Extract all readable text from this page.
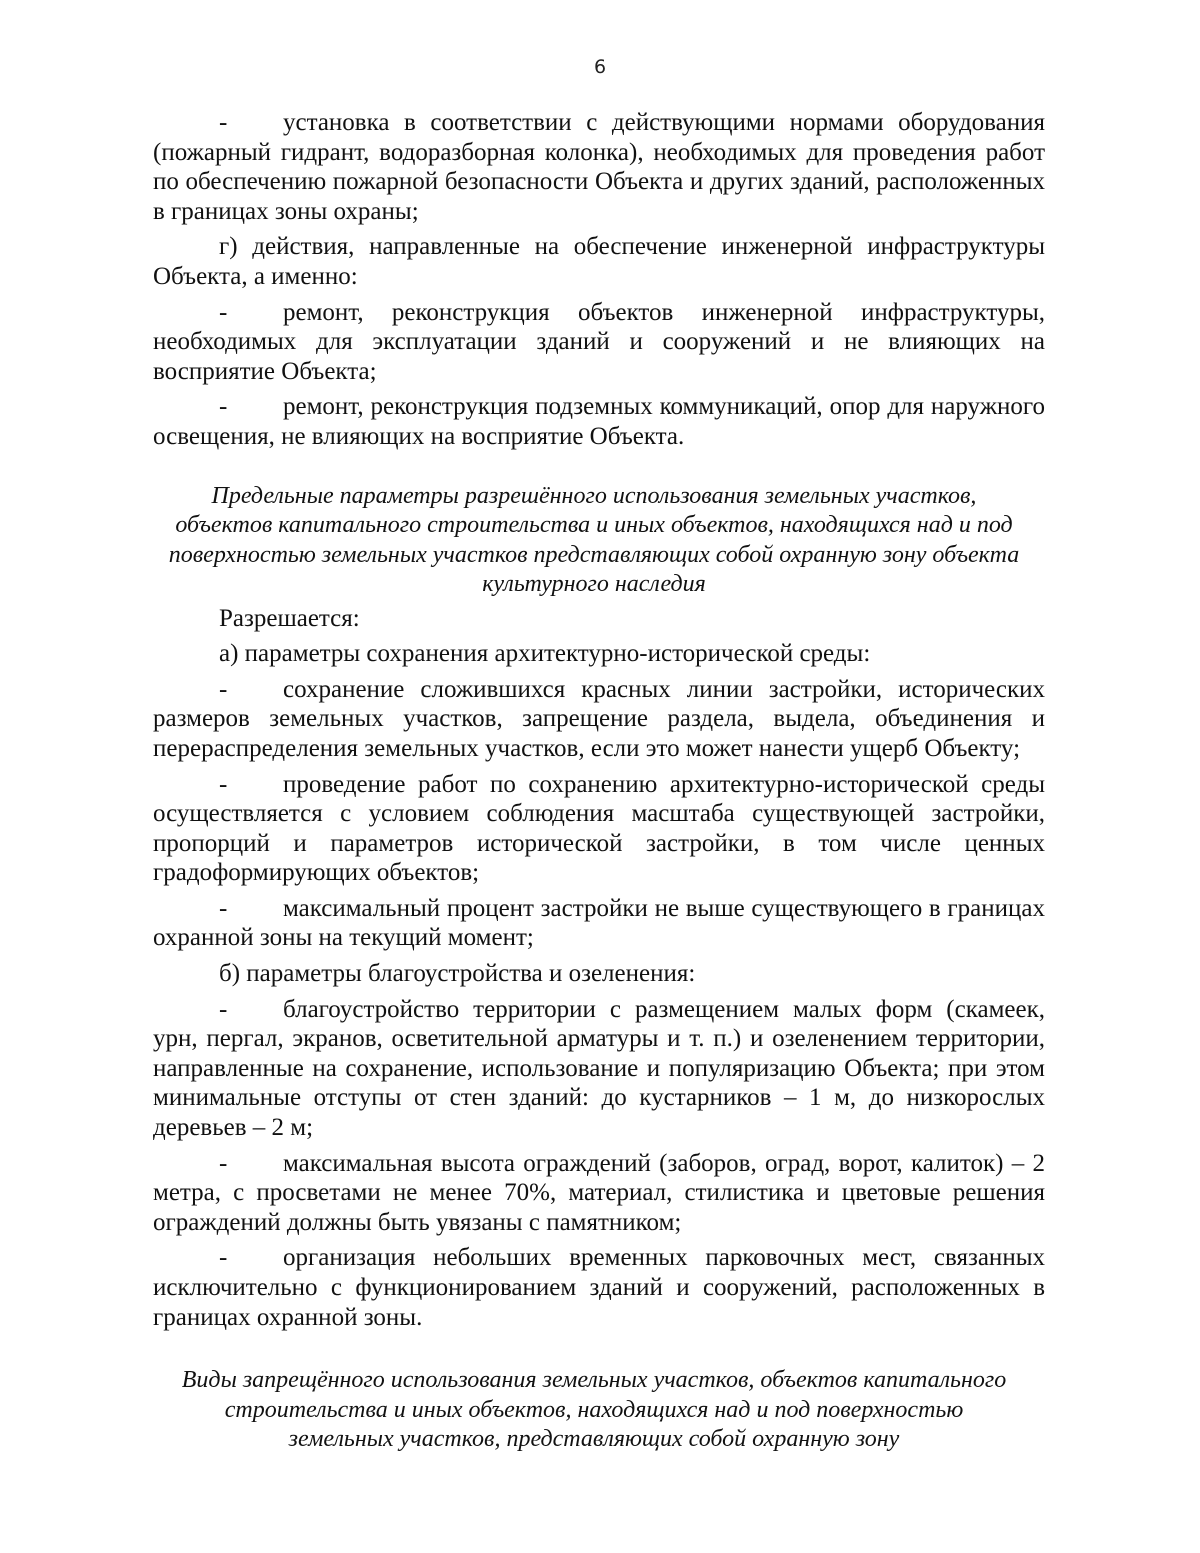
6

- установка в соответствии с действующими нормами оборудования (пожарный гидрант, водоразборная колонка), необходимых для проведения работ по обеспечению пожарной безопасности Объекта и других зданий, расположенных в границах зоны охраны;

г) действия, направленные на обеспечение инженерной инфраструктуры Объекта, а именно:

- ремонт, реконструкция объектов инженерной инфраструктуры, необходимых для эксплуатации зданий и сооружений и не влияющих на восприятие Объекта;

- ремонт, реконструкция подземных коммуникаций, опор для наружного освещения, не влияющих на восприятие Объекта.

Предельные параметры разрешённого использования земельных участков, объектов капитального строительства и иных объектов, находящихся над и под поверхностью земельных участков представляющих собой охранную зону объекта культурного наследия

Разрешается:

а) параметры сохранения архитектурно-исторической среды:

- сохранение сложившихся красных линии застройки, исторических размеров земельных участков, запрещение раздела, выдела, объединения и перераспределения земельных участков, если это может нанести ущерб Объекту;

- проведение работ по сохранению архитектурно-исторической среды осуществляется с условием соблюдения масштаба существующей застройки, пропорций и параметров исторической застройки, в том числе ценных градоформирующих объектов;

- максимальный процент застройки не выше существующего в границах охранной зоны на текущий момент;

б) параметры благоустройства и озеленения:

- благоустройство территории с размещением малых форм (скамеек, урн, пергал, экранов, осветительной арматуры и т. п.) и озеленением территории, направленные на сохранение, использование и популяризацию Объекта; при этом минимальные отступы от стен зданий: до кустарников – 1 м, до низкорослых деревьев – 2 м;

- максимальная высота ограждений (заборов, оград, ворот, калиток) – 2 метра, с просветами не менее 70%, материал, стилистика и цветовые решения ограждений должны быть увязаны с памятником;

- организация небольших временных парковочных мест, связанных исключительно с функционированием зданий и сооружений, расположенных в границах охранной зоны.

Виды запрещённого использования земельных участков, объектов капитального строительства и иных объектов, находящихся над и под поверхностью земельных участков, представляющих собой охранную зону
